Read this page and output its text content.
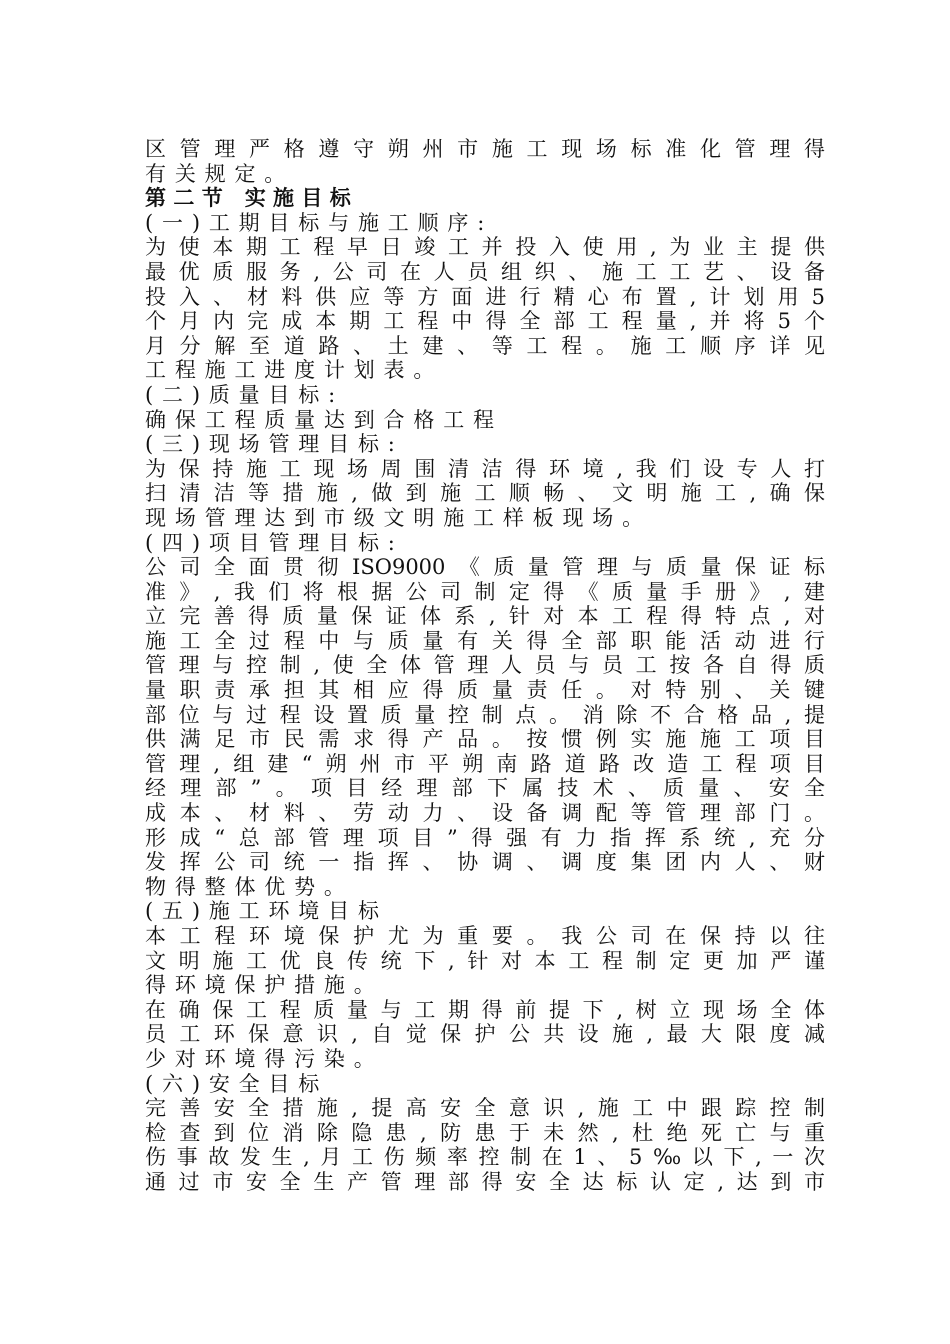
区管理严格遵守朔州市施工现场标准化管理得
有关规定。
第二节 实施目标
(一)工期目标与施工顺序:
为使本期工程早日竣工并投入使用,为业主提供
最优质服务,公司在人员组织、施工工艺、设备
投入、材料供应等方面进行精心布置,计划用5
个月内完成本期工程中得全部工程量,并将5个
月分解至道路、土建、等工程。施工顺序详见
工程施工进度计划表。
(二)质量目标:
确保工程质量达到合格工程
(三)现场管理目标:
为保持施工现场周围清洁得环境,我们设专人打
扫清洁等措施,做到施工顺畅、文明施工,确保
现场管理达到市级文明施工样板现场。
(四)项目管理目标:
公司全面贯彻ISO9000《质量管理与质量保证标
准》,我们将根据公司制定得《质量手册》,建
立完善得质量保证体系,针对本工程得特点,对
施工全过程中与质量有关得全部职能活动进行
管理与控制,使全体管理人员与员工按各自得质
量职责承担其相应得质量责任。对特别、关键
部位与过程设置质量控制点。消除不合格品,提
供满足市民需求得产品。按惯例实施施工项目
管理,组建“朔州市平朔南路道路改造工程项目
经理部”。项目经理部下属技术、质量、安全
成本、材料、劳动力、设备调配等管理部门。
形成“总部管理项目”得强有力指挥系统,充分
发挥公司统一指挥、协调、调度集团内人、财
物得整体优势。
(五)施工环境目标
本工程环境保护尤为重要。我公司在保持以往
文明施工优良传统下,针对本工程制定更加严谨
得环境保护措施。
在确保工程质量与工期得前提下,树立现场全体
员工环保意识,自觉保护公共设施,最大限度减
少对环境得污染。
(六)安全目标
完善安全措施,提高安全意识,施工中跟踪控制
检查到位消除隐患,防患于未然,杜绝死亡与重
伤事故发生,月工伤频率控制在1、5‰以下,一次
通过市安全生产管理部得安全达标认定,达到市
